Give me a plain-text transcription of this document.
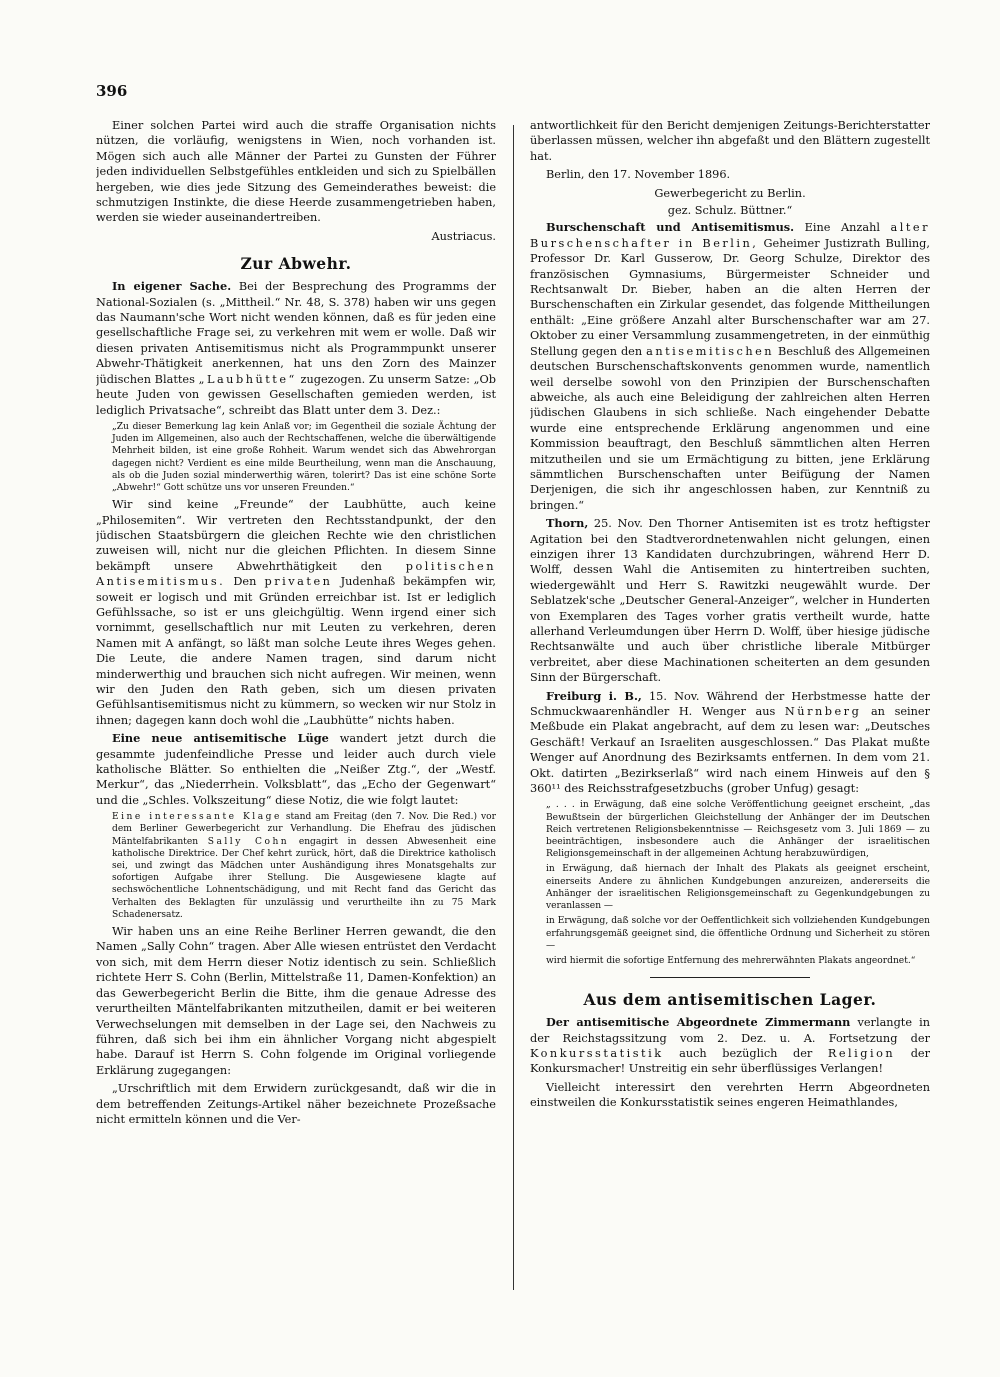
396

Einer solchen Partei wird auch die straffe Organisation nichts nützen, die vorläufig, wenigstens in Wien, noch vorhanden ist. Mögen sich auch alle Männer der Partei zu Gunsten der Führer jeden individuellen Selbstgefühles entkleiden und sich zu Spielbällen hergeben, wie dies jede Sitzung des Gemeinderathes beweist: die schmutzigen Instinkte, die diese Heerde zusammengetrieben haben, werden sie wieder auseinandertreiben.

Austriacus.

Zur Abwehr.

In eigener Sache. Bei der Besprechung des Programms der National-Sozialen (s. „Mittheil.“ Nr. 48, S. 378) haben wir uns gegen das Naumann'sche Wort nicht wenden können, daß es für jeden eine gesellschaftliche Frage sei, zu verkehren mit wem er wolle. Daß wir diesen privaten Antisemitismus nicht als Programmpunkt unserer Abwehr-Thätigkeit anerkennen, hat uns den Zorn des Mainzer jüdischen Blattes „Laubhütte“ zugezogen. Zu unserm Satze: „Ob heute Juden von gewissen Gesellschaften gemieden werden, ist lediglich Privatsache“, schreibt das Blatt unter dem 3. Dez.:

„Zu dieser Bemerkung lag kein Anlaß vor; im Gegentheil die soziale Ächtung der Juden im Allgemeinen, also auch der Rechtschaffenen, welche die überwältigende Mehrheit bilden, ist eine große Rohheit. Warum wendet sich das Abwehrorgan dagegen nicht? Verdient es eine milde Beurtheilung, wenn man die Anschauung, als ob die Juden sozial minderwerthig wären, tolerirt? Das ist eine schöne Sorte „Abwehr!“ Gott schütze uns vor unseren Freunden.“

Wir sind keine „Freunde“ der Laubhütte, auch keine „Philosemiten“. Wir vertreten den Rechtsstandpunkt, der den jüdischen Staatsbürgern die gleichen Rechte wie den christlichen zuweisen will, nicht nur die gleichen Pflichten. In diesem Sinne bekämpft unsere Abwehrthätigkeit den politischen Antisemitismus. Den privaten Judenhaß bekämpfen wir, soweit er logisch und mit Gründen erreichbar ist. Ist er lediglich Gefühlssache, so ist er uns gleichgültig. Wenn irgend einer sich vornimmt, gesellschaftlich nur mit Leuten zu verkehren, deren Namen mit A anfängt, so läßt man solche Leute ihres Weges gehen. Die Leute, die andere Namen tragen, sind darum nicht minderwerthig und brauchen sich nicht aufregen. Wir meinen, wenn wir den Juden den Rath geben, sich um diesen privaten Gefühlsantisemitismus nicht zu kümmern, so wecken wir nur Stolz in ihnen; dagegen kann doch wohl die „Laubhütte“ nichts haben.

Eine neue antisemitische Lüge wandert jetzt durch die gesammte judenfeindliche Presse und leider auch durch viele katholische Blätter. So enthielten die „Neißer Ztg.“, der „Westf. Merkur“, das „Niederrhein. Volksblatt“, das „Echo der Gegenwart“ und die „Schles. Volkszeitung“ diese Notiz, die wie folgt lautet:

Eine interessante Klage stand am Freitag (den 7. Nov. Die Red.) vor dem Berliner Gewerbegericht zur Verhandlung. Die Ehefrau des jüdischen Mäntelfabrikanten Sally Cohn engagirt in dessen Abwesenheit eine katholische Direktrice. Der Chef kehrt zurück, hört, daß die Direktrice katholisch sei, und zwingt das Mädchen unter Aushändigung ihres Monatsgehalts zur sofortigen Aufgabe ihrer Stellung. Die Ausgewiesene klagte auf sechswöchentliche Lohnentschädigung, und mit Recht fand das Gericht das Verhalten des Beklagten für unzulässig und verurtheilte ihn zu 75 Mark Schadenersatz.

Wir haben uns an eine Reihe Berliner Herren gewandt, die den Namen „Sally Cohn“ tragen. Aber Alle wiesen entrüstet den Verdacht von sich, mit dem Herrn dieser Notiz identisch zu sein. Schließlich richtete Herr S. Cohn (Berlin, Mittelstraße 11, Damen-Konfektion) an das Gewerbegericht Berlin die Bitte, ihm die genaue Adresse des verurtheilten Mäntelfabrikanten mitzutheilen, damit er bei weiteren Verwechselungen mit demselben in der Lage sei, den Nachweis zu führen, daß sich bei ihm ein ähnlicher Vorgang nicht abgespielt habe. Darauf ist Herrn S. Cohn folgende im Original vorliegende Erklärung zugegangen:

„Urschriftlich mit dem Erwidern zurückgesandt, daß wir die in dem betreffenden Zeitungs-Artikel näher bezeichnete Prozeßsache nicht ermitteln können und die Ver-

antwortlichkeit für den Bericht demjenigen Zeitungs-Berichterstatter überlassen müssen, welcher ihn abgefaßt und den Blättern zugestellt hat.

Berlin, den 17. November 1896.

Gewerbegericht zu Berlin.

gez. Schulz. Büttner.“

Burschenschaft und Antisemitismus. Eine Anzahl alter Burschenschafter in Berlin, Geheimer Justizrath Bulling, Professor Dr. Karl Gusserow, Dr. Georg Schulze, Direktor des französischen Gymnasiums, Bürgermeister Schneider und Rechtsanwalt Dr. Bieber, haben an die alten Herren der Burschenschaften ein Zirkular gesendet, das folgende Mittheilungen enthält: „Eine größere Anzahl alter Burschenschafter war am 27. Oktober zu einer Versammlung zusammengetreten, in der einmüthig Stellung gegen den antisemitischen Beschluß des Allgemeinen deutschen Burschenschaftskonvents genommen wurde, namentlich weil derselbe sowohl von den Prinzipien der Burschenschaften abweiche, als auch eine Beleidigung der zahlreichen alten Herren jüdischen Glaubens in sich schließe. Nach eingehender Debatte wurde eine entsprechende Erklärung angenommen und eine Kommission beauftragt, den Beschluß sämmtlichen alten Herren mitzutheilen und sie um Ermächtigung zu bitten, jene Erklärung sämmtlichen Burschenschaften unter Beifügung der Namen Derjenigen, die sich ihr angeschlossen haben, zur Kenntniß zu bringen.“

Thorn, 25. Nov. Den Thorner Antisemiten ist es trotz heftigster Agitation bei den Stadtverordnetenwahlen nicht gelungen, einen einzigen ihrer 13 Kandidaten durchzubringen, während Herr D. Wolff, dessen Wahl die Antisemiten zu hintertreiben suchten, wiedergewählt und Herr S. Rawitzki neugewählt wurde. Der Seblatzek'sche „Deutscher General-Anzeiger“, welcher in Hunderten von Exemplaren des Tages vorher gratis vertheilt wurde, hatte allerhand Verleumdungen über Herrn D. Wolff, über hiesige jüdische Rechtsanwälte und auch über christliche liberale Mitbürger verbreitet, aber diese Machinationen scheiterten an dem gesunden Sinn der Bürgerschaft.

Freiburg i. B., 15. Nov. Während der Herbstmesse hatte der Schmuckwaarenhändler H. Wenger aus Nürnberg an seiner Meßbude ein Plakat angebracht, auf dem zu lesen war: „Deutsches Geschäft! Verkauf an Israeliten ausgeschlossen.“ Das Plakat mußte Wenger auf Anordnung des Bezirksamts entfernen. In dem vom 21. Okt. datirten „Bezirkserlaß“ wird nach einem Hinweis auf den § 360¹¹ des Reichsstrafgesetzbuchs (grober Unfug) gesagt:

„ . . . in Erwägung, daß eine solche Veröffentlichung geeignet erscheint, „das Bewußtsein der bürgerlichen Gleichstellung der Anhänger der im Deutschen Reich vertretenen Religionsbekenntnisse — Reichsgesetz vom 3. Juli 1869 — zu beeinträchtigen, insbesondere auch die Anhänger der israelitischen Religionsgemeinschaft in der allgemeinen Achtung herabzuwürdigen,

in Erwägung, daß hiernach der Inhalt des Plakats als geeignet erscheint, einerseits Andere zu ähnlichen Kundgebungen anzureizen, andererseits die Anhänger der israelitischen Religionsgemeinschaft zu Gegenkundgebungen zu veranlassen —

in Erwägung, daß solche vor der Oeffentlichkeit sich vollziehenden Kundgebungen erfahrungsgemäß geeignet sind, die öffentliche Ordnung und Sicherheit zu stören —

wird hiermit die sofortige Entfernung des mehrerwähnten Plakats angeordnet.“

Aus dem antisemitischen Lager.

Der antisemitische Abgeordnete Zimmermann verlangte in der Reichstagssitzung vom 2. Dez. u. A. Fortsetzung der Konkursstatistik auch bezüglich der Religion der Konkursmacher! Unstreitig ein sehr überflüssiges Verlangen!

Vielleicht interessirt den verehrten Herrn Abgeordneten einstweilen die Konkursstatistik seines engeren Heimathlandes,
